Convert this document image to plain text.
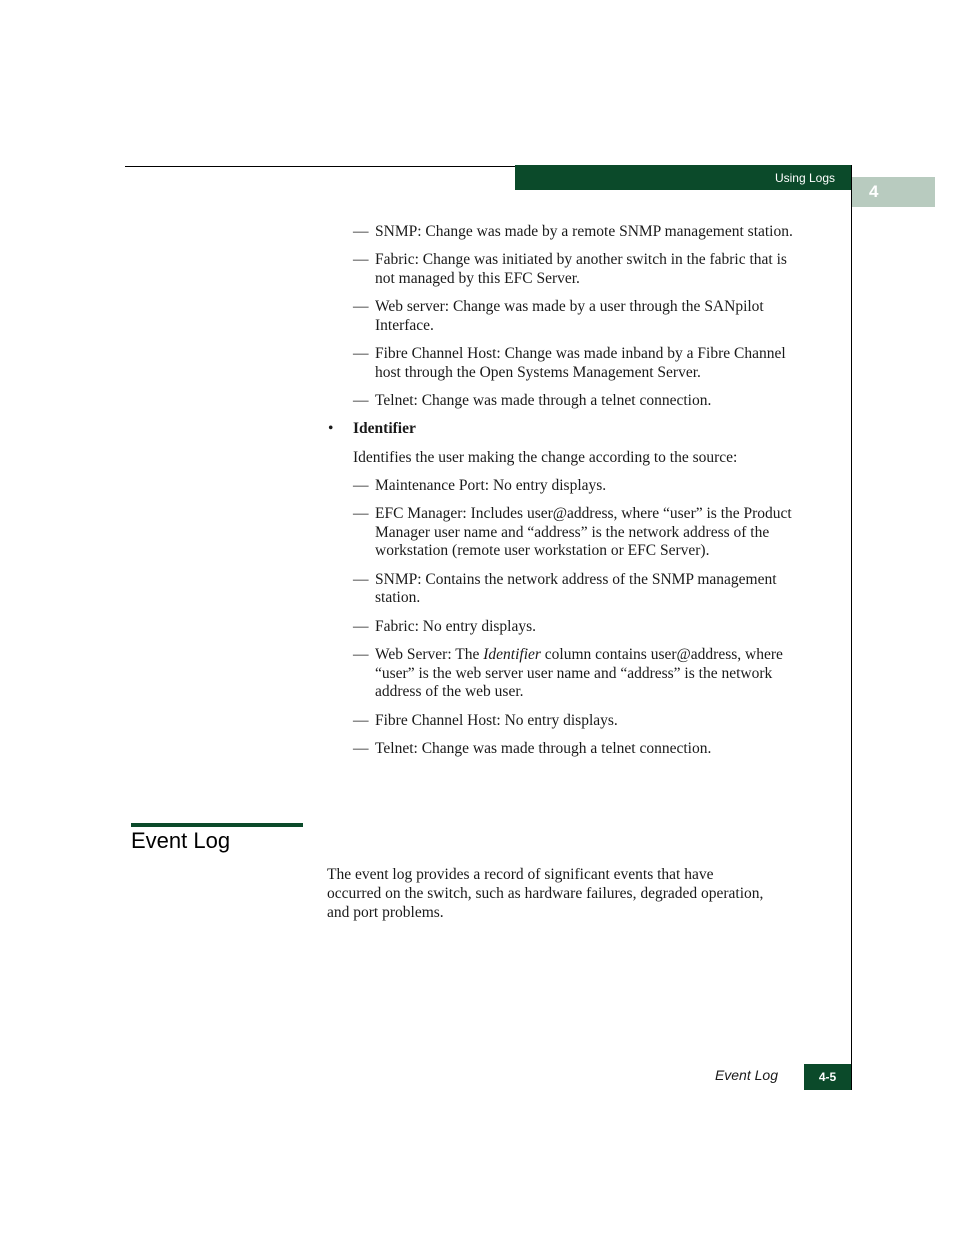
Using Logs
4
— SNMP: Change was made by a remote SNMP management station.
— Fabric: Change was initiated by another switch in the fabric that is not managed by this EFC Server.
— Web server: Change was made by a user through the SANpilot Interface.
— Fibre Channel Host: Change was made inband by a Fibre Channel host through the Open Systems Management Server.
— Telnet: Change was made through a telnet connection.
• Identifier
Identifies the user making the change according to the source:
— Maintenance Port: No entry displays.
— EFC Manager: Includes user@address, where “user” is the Product Manager user name and “address” is the network address of the workstation (remote user workstation or EFC Server).
— SNMP: Contains the network address of the SNMP management station.
— Fabric: No entry displays.
— Web Server: The Identifier column contains user@address, where “user” is the web server user name and “address” is the network address of the web user.
— Fibre Channel Host: No entry displays.
— Telnet: Change was made through a telnet connection.
Event Log
The event log provides a record of significant events that have occurred on the switch, such as hardware failures, degraded operation, and port problems.
Event Log	4-5
